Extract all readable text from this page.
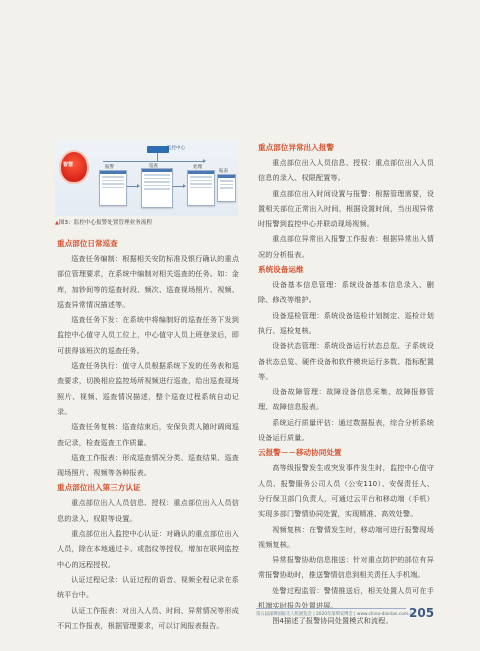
智慧
监控中心
报警	巡查	处理
报表
▲图3：监控中心报警处置管理业务流程
重点部位日常巡查

巡查任务编制：根据相关安防标准及银行确认的重点部位管理要求，在系统中编制对相关巡查的任务。如：金库，加钞间等的巡查时段、频次、巡查视场照片、视频、巡查异常情况描述等。

巡查任务下发：在系统中将编制好的巡查任务下发到监控中心值守人员工位上，中心值守人员上班登录后，即可获得该班次的巡查任务。

巡查任务执行：值守人员根据系统下发的任务表和巡查要求，切换相应监控场所视频进行巡查，给出巡查现场照片、视频、巡查情况描述，整个巡查过程系统自动记录。

巡查任务复核：巡查结束后，安保负责人随时调阅巡查记录，检查巡查工作质量。

巡查工作报表：形成巡查情况分类、巡查结果、巡查现场照片、视频等各种报表。

重点部位出入第三方认证

重点部位出入人员信息、授权：重点部位出入人员信息的录入、权限等设置。

重点部位出入监控中心认证：对确认的重点部位出入人员，除在本地通过卡、或指纹等授权，增加在联网监控中心的远程授权。

认证过程记录：认证过程的语音、视频全程记录在系统平台中。

认证工作报表：对出入人员、时间、异常情况等形成不同工作报表，根据管理要求，可以订阅报表报告。

重点部位异常出入报警

重点部位出入人员信息、授权：重点部位出入人员信息的录入、权限配置等。

重点部位出入时间设置与报警：根据管理需要，设置相关部位正常出入时间，根据设置时间，当出现异常时报警到监控中心并联动现场视频。

重点部位异常出入报警工作报表：根据异常出入情况的分析报表。

系统设备运维

设备基本信息管理：系统设备基本信息录入、删除、修改等维护。

设备巡检管理：系统设备巡检计划制定、巡检计划执行、巡检复核。

设备状态管理：系统设备运行状态总览、子系统设备状态总览、硬件设备和软件模块运行多数、指标配置等。

设备故障管理：故障设备信息采集、故障报修管理、故障信息报表。

系统运行质量评估：通过数据报表，综合分析系统设备运行质量。

云报警－－移动协同处置

高等级报警发生或突发事件发生时，监控中心值守人员、报警服务公司人员（公安110）、安保责任人、分行保卫部门负责人，可通过云平台和移动端（手机）实现多部门警情协同处置，实现精准、高效处警。

视频复核：在警情发生时，移动端可进行报警现场视频复核。

异常报警协助信息推送：针对重点防护的部位有异常报警协助时，推送警情信息到相关责任人手机端。

处警过程监管：警情推送后，相关处置人员可在手机端实时报告处置进展。

图4描述了报警协同处置模式和流程。

第五届深圳国际无人机展览会 | 2020年深圳安博会 | www.china-dianlan.com.cn
205
